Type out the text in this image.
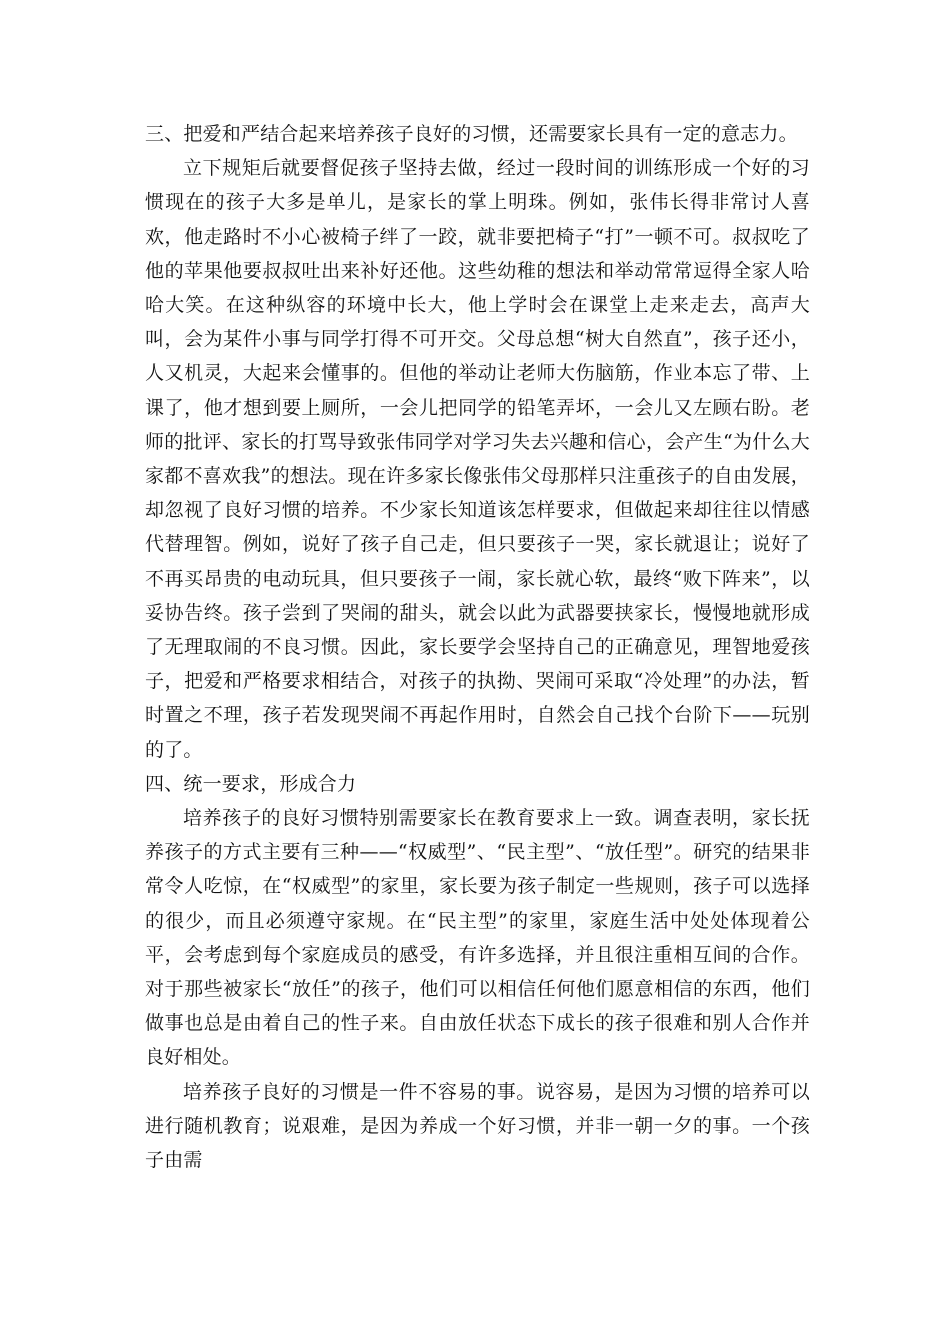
三、把爱和严结合起来培养孩子良好的习惯，还需要家长具有一定的意志力。

立下规矩后就要督促孩子坚持去做，经过一段时间的训练形成一个好的习惯现在的孩子大多是单儿，是家长的掌上明珠。例如，张伟长得非常讨人喜欢，他走路时不小心被椅子绊了一跤，就非要把椅子“打”一顿不可。叔叔吃了他的苹果他要叔叔吐出来补好还他。这些幼稚的想法和举动常常逗得全家人哈哈大笑。在这种纵容的环境中长大，他上学时会在课堂上走来走去，高声大叫，会为某件小事与同学打得不可开交。父母总想“树大自然直”，孩子还小，人又机灵，大起来会懂事的。但他的举动让老师大伤脑筋，作业本忘了带、上课了，他才想到要上厕所，一会儿把同学的铅笔弄坏，一会儿又左顾右盼。老师的批评、家长的打骂导致张伟同学对学习失去兴趣和信心，会产生“为什么大家都不喜欢我”的想法。现在许多家长像张伟父母那样只注重孩子的自由发展，却忽视了良好习惯的培养。不少家长知道该怎样要求，但做起来却往往以情感代替理智。例如，说好了孩子自己走，但只要孩子一哭，家长就退让；说好了不再买昂贵的电动玩具，但只要孩子一闹，家长就心软，最终“败下阵来”，以妥协告终。孩子尝到了哭闹的甜头，就会以此为武器要挟家长，慢慢地就形成了无理取闹的不良习惯。因此，家长要学会坚持自己的正确意见，理智地爱孩子，把爱和严格要求相结合，对孩子的执拗、哭闹可采取“冷处理”的办法，暂时置之不理，孩子若发现哭闹不再起作用时，自然会自己找个台阶下——玩别的了。

四、统一要求，形成合力

培养孩子的良好习惯特别需要家长在教育要求上一致。调查表明，家长抚养孩子的方式主要有三种——“权威型”、“民主型”、“放任型”。研究的结果非常令人吃惊，在“权威型”的家里，家长要为孩子制定一些规则，孩子可以选择的很少，而且必须遵守家规。在“民主型”的家里，家庭生活中处处体现着公平，会考虑到每个家庭成员的感受，有许多选择，并且很注重相互间的合作。对于那些被家长“放任”的孩子，他们可以相信任何他们愿意相信的东西，他们做事也总是由着自己的性子来。自由放任状态下成长的孩子很难和别人合作并良好相处。

培养孩子良好的习惯是一件不容易的事。说容易，是因为习惯的培养可以进行随机教育；说艰难，是因为养成一个好习惯，并非一朝一夕的事。一个孩子由需
